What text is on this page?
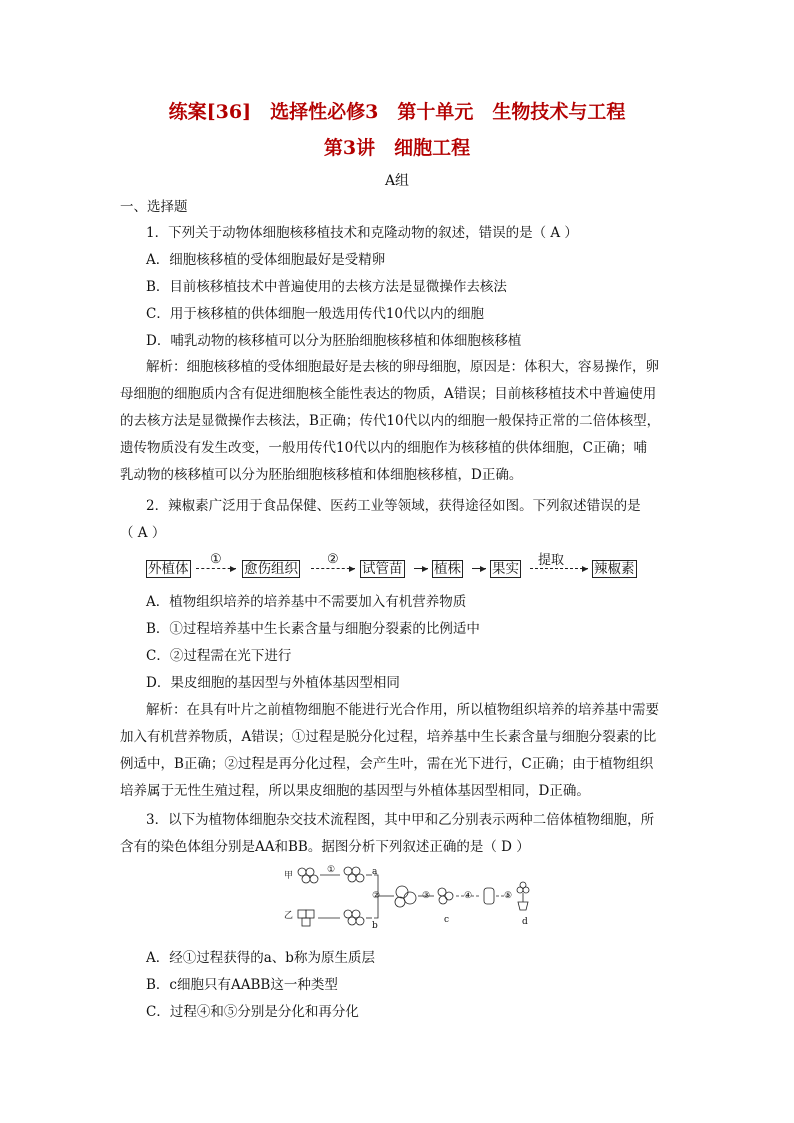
练案[36]　选择性必修3　第十单元　生物技术与工程
第3讲　细胞工程
A组
一、选择题
1．下列关于动物体细胞核移植技术和克隆动物的叙述，错误的是（ A ）
A．细胞核移植的受体细胞最好是受精卵
B．目前核移植技术中普遍使用的去核方法是显微操作去核法
C．用于核移植的供体细胞一般选用传代10代以内的细胞
D．哺乳动物的核移植可以分为胚胎细胞核移植和体细胞核移植
解析：细胞核移植的受体细胞最好是去核的卵母细胞，原因是：体积大，容易操作，卵
母细胞的细胞质内含有促进细胞核全能性表达的物质，A错误；目前核移植技术中普遍使用
的去核方法是显微操作去核法，B正确；传代10代以内的细胞一般保持正常的二倍体核型，
遗传物质没有发生改变，一般用传代10代以内的细胞作为核移植的供体细胞，C正确；哺
乳动物的核移植可以分为胚胎细胞核移植和体细胞核移植，D正确。
2．辣椒素广泛用于食品保健、医药工业等领域，获得途径如图。下列叙述错误的是
（ A ）
外植体
①
愈伤组织
②
试管苗 植株 果实
提取
辣椒素
A．植物组织培养的培养基中不需要加入有机营养物质
B．①过程培养基中生长素含量与细胞分裂素的比例适中
C．②过程需在光下进行
D．果皮细胞的基因型与外植体基因型相同
解析：在具有叶片之前植物细胞不能进行光合作用，所以植物组织培养的培养基中需要
加入有机营养物质，A错误；①过程是脱分化过程，培养基中生长素含量与细胞分裂素的比
例适中，B正确；②过程是再分化过程，会产生叶，需在光下进行，C正确；由于植物组织
培养属于无性生殖过程，所以果皮细胞的基因型与外植体基因型相同，D正确。
3．以下为植物体细胞杂交技术流程图，其中甲和乙分别表示两种二倍体植物细胞，所
含有的染色体组分别是AA和BB。据图分析下列叙述正确的是（ D ）
甲
乙
①	a
b
②	③
c
④	⑤
d
A．经①过程获得的a、b称为原生质层
B．c细胞只有AABB这一种类型
C．过程④和⑤分别是分化和再分化
